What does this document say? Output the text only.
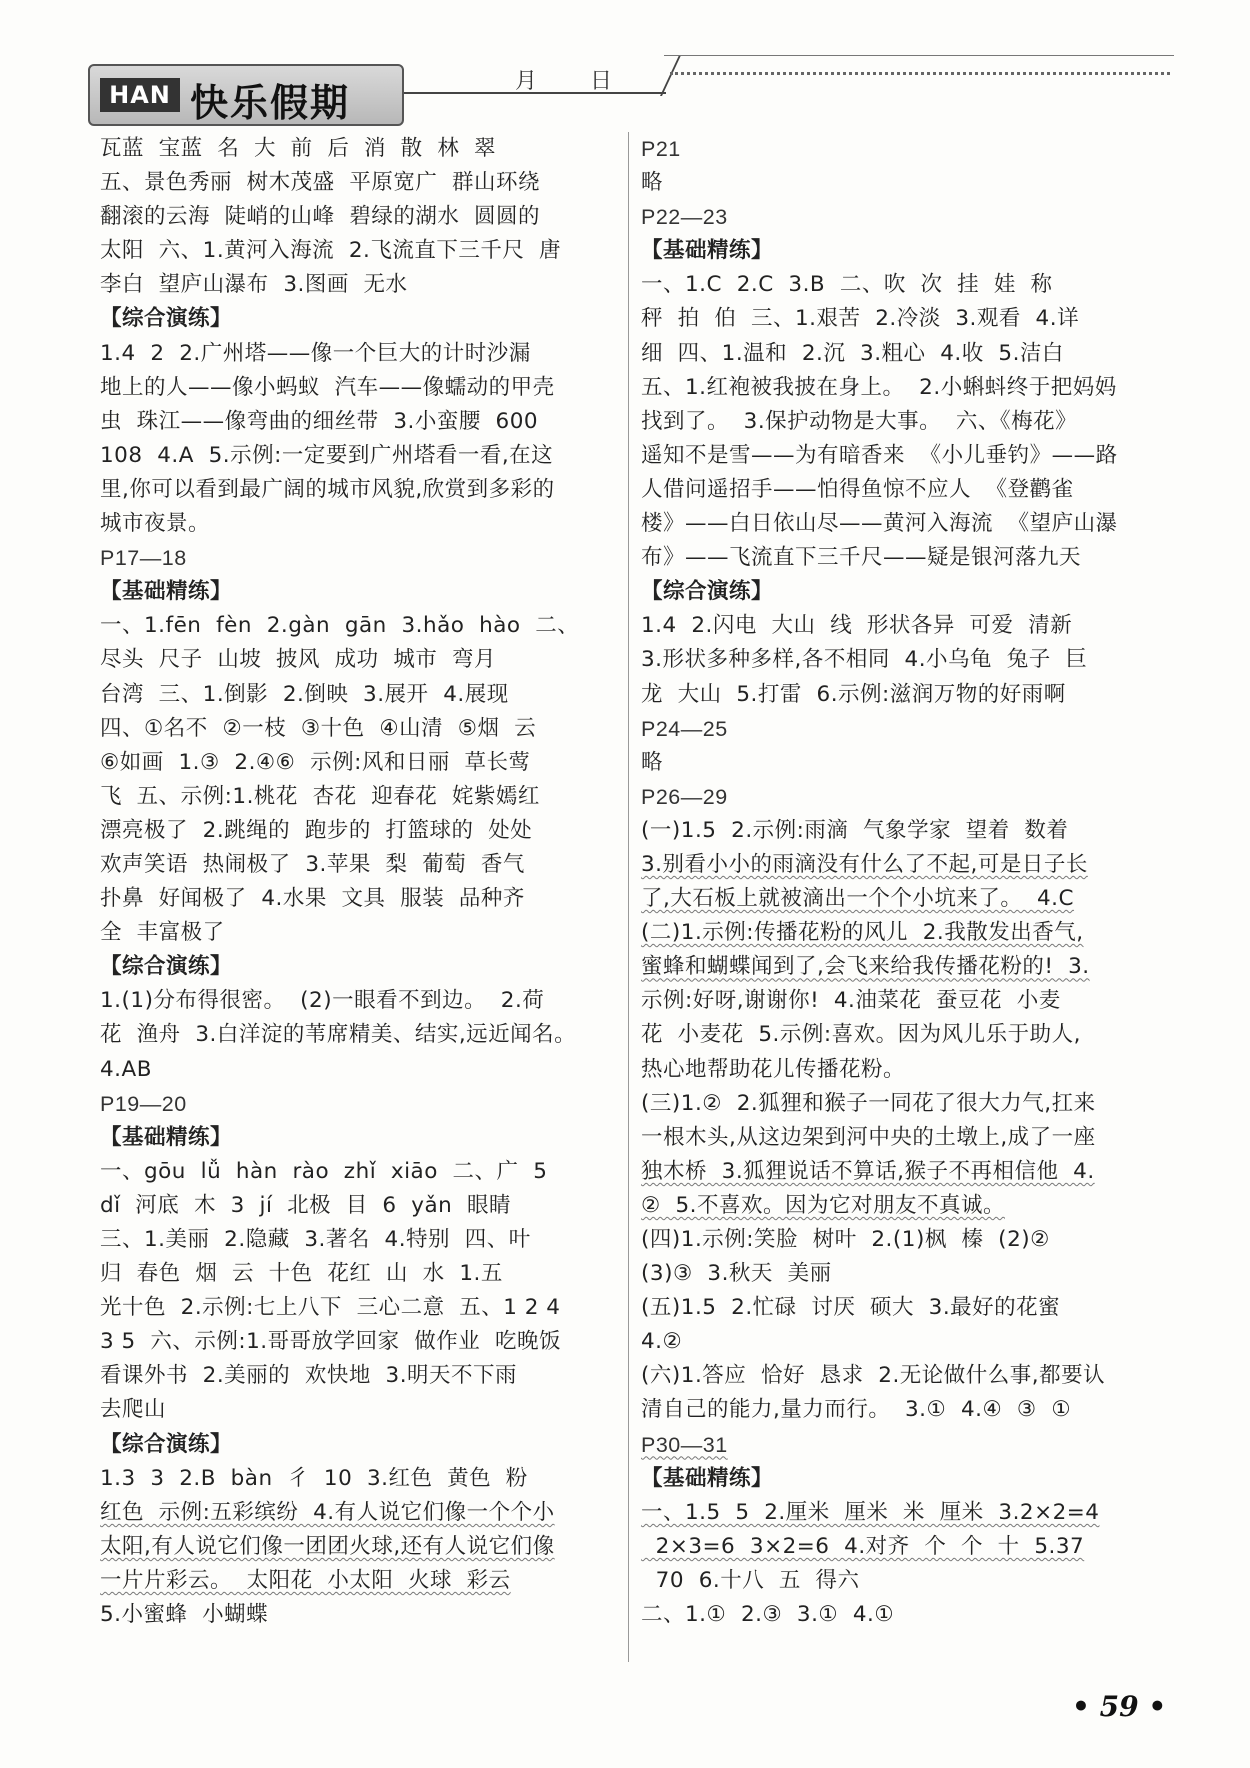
HAN 快乐假期	月 日
瓦蓝  宝蓝  名  大  前  后  消  散  林  翠
五、景色秀丽  树木茂盛  平原宽广  群山环绕
翻滚的云海  陡峭的山峰  碧绿的湖水  圆圆的
太阳  六、1.黄河入海流  2.飞流直下三千尺  唐
李白  望庐山瀑布  3.图画  无水
【综合演练】
1.4  2  2.广州塔——像一个巨大的计时沙漏
地上的人——像小蚂蚁  汽车——像蠕动的甲壳
虫  珠江——像弯曲的细丝带  3.小蛮腰  600
108  4.A  5.示例:一定要到广州塔看一看,在这
里,你可以看到最广阔的城市风貌,欣赏到多彩的
城市夜景。
P17—18
【基础精练】
一、1.fēn  fèn  2.gàn  gān  3.hǎo  hào  二、
尽头  尺子  山坡  披风  成功  城市  弯月
台湾  三、1.倒影  2.倒映  3.展开  4.展现
四、①名不  ②一枝  ③十色  ④山清  ⑤烟  云
⑥如画  1.③  2.④⑥  示例:风和日丽  草长莺
飞  五、示例:1.桃花  杏花  迎春花  姹紫嫣红
漂亮极了  2.跳绳的  跑步的  打篮球的  处处
欢声笑语  热闹极了  3.苹果  梨  葡萄  香气
扑鼻  好闻极了  4.水果  文具  服装  品种齐
全  丰富极了
【综合演练】
1.(1)分布得很密。  (2)一眼看不到边。  2.荷
花  渔舟  3.白洋淀的苇席精美、结实,远近闻名。
4.AB
P19—20
【基础精练】
一、gōu  lǚ  hàn  rào  zhǐ  xiāo  二、广  5
dǐ  河底  木  3  jí  北极  目  6  yǎn  眼睛
三、1.美丽  2.隐藏  3.著名  4.特别  四、叶
归  春色  烟  云  十色  花红  山  水  1.五
光十色  2.示例:七上八下  三心二意  五、1 2 4
3 5  六、示例:1.哥哥放学回家  做作业  吃晚饭
看课外书  2.美丽的  欢快地  3.明天不下雨
去爬山
【综合演练】
1.3  3  2.B  bàn  彳  10  3.红色  黄色  粉
红色  示例:五彩缤纷  4.有人说它们像一个个小
太阳,有人说它们像一团团火球,还有人说它们像
一片片彩云。  太阳花  小太阳  火球  彩云
5.小蜜蜂  小蝴蝶
P21
略
P22—23
【基础精练】
一、1.C  2.C  3.B  二、吹  次  挂  娃  称
秤  拍  伯  三、1.艰苦  2.冷淡  3.观看  4.详
细  四、1.温和  2.沉  3.粗心  4.收  5.洁白
五、1.红袍被我披在身上。  2.小蝌蚪终于把妈妈
找到了。  3.保护动物是大事。  六、《梅花》
遥知不是雪——为有暗香来  《小儿垂钓》——路
人借问遥招手——怕得鱼惊不应人  《登鹳雀
楼》——白日依山尽——黄河入海流  《望庐山瀑
布》——飞流直下三千尺——疑是银河落九天
【综合演练】
1.4  2.闪电  大山  线  形状各异  可爱  清新
3.形状多种多样,各不相同  4.小乌龟  兔子  巨
龙  大山  5.打雷  6.示例:滋润万物的好雨啊
P24—25
略
P26—29
(一)1.5  2.示例:雨滴  气象学家  望着  数着
3.别看小小的雨滴没有什么了不起,可是日子长
了,大石板上就被滴出一个个小坑来了。  4.C
(二)1.示例:传播花粉的风儿  2.我散发出香气,
蜜蜂和蝴蝶闻到了,会飞来给我传播花粉的!  3.
示例:好呀,谢谢你!  4.油菜花  蚕豆花  小麦
花  小麦花  5.示例:喜欢。因为风儿乐于助人,
热心地帮助花儿传播花粉。
(三)1.②  2.狐狸和猴子一同花了很大力气,扛来
一根木头,从这边架到河中央的土墩上,成了一座
独木桥  3.狐狸说话不算话,猴子不再相信他  4.
②  5.不喜欢。因为它对朋友不真诚。
(四)1.示例:笑脸  树叶  2.(1)枫  榛  (2)②
(3)③  3.秋天  美丽
(五)1.5  2.忙碌  讨厌  硕大  3.最好的花蜜
4.②
(六)1.答应  恰好  恳求  2.无论做什么事,都要认
清自己的能力,量力而行。  3.①  4.④  ③  ①
P30—31
【基础精练】
一、1.5  5  2.厘米  厘米  米  厘米  3.2×2=4
2×3=6  3×2=6  4.对齐  个  个  十  5.37
70  6.十八  五  得六
二、1.①  2.③  3.①  4.①
• 59 •
